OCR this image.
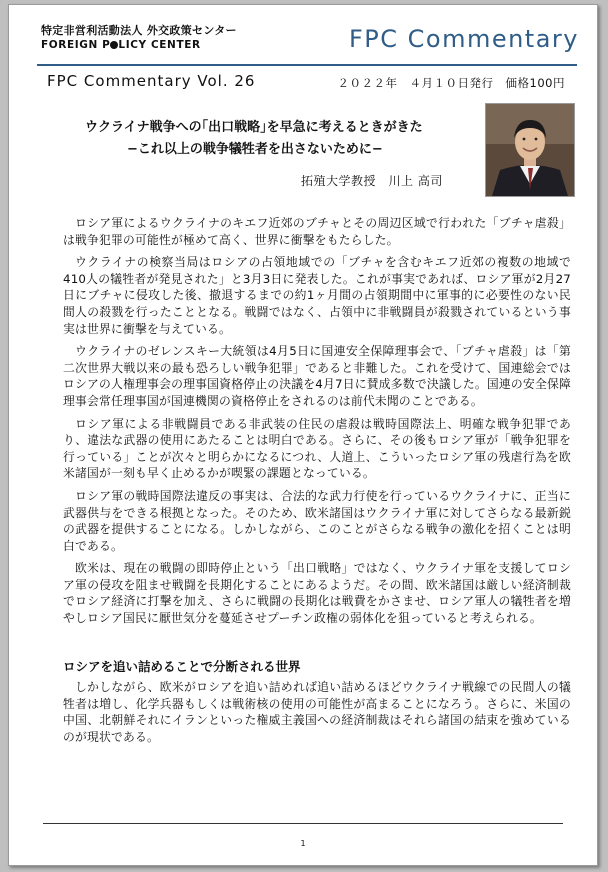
特定非営利活動法人 外交政策センター
FOREIGN P LICY CENTER	FPC Commentary
FPC Commentary Vol. 26	２０２２年　４月１０日発行　価格100円
ウクライナ戦争への｢出口戦略｣を早急に考えるときがきた
−これ以上の戦争犠牲者を出さないために−
拓殖大学教授　川上 高司

ロシア軍によるウクライナのキエフ近郊のブチャとその周辺区域で行われた「ブチャ虐殺」は戦争犯罪の可能性が極めて高く、世界に衝撃をもたらした。

ウクライナの検察当局はロシアの占領地域での「ブチャを含むキエフ近郊の複数の地域で410人の犠牲者が発見された」と3月3日に発表した。これが事実であれば、ロシア軍が2月27日にブチャに侵攻した後、撤退するまでの約1ヶ月間の占領期間中に軍事的に必要性のない民間人の殺戮を行ったこととなる。戦闘ではなく、占領中に非戦闘員が殺戮されているという事実は世界に衝撃を与えている。

ウクライナのゼレンスキー大統領は4月5日に国連安全保障理事会で、「ブチャ虐殺」は「第二次世界大戦以来の最も恐ろしい戦争犯罪」であると非難した。これを受けて、国連総会ではロシアの人権理事会の理事国資格停止の決議を4月7日に賛成多数で決議した。国連の安全保障理事会常任理事国が国連機関の資格停止をされるのは前代未聞のことである。

ロシア軍による非戦闘員である非武装の住民の虐殺は戦時国際法上、明確な戦争犯罪であり、違法な武器の使用にあたることは明白である。さらに、その後もロシア軍が「戦争犯罪を行っている」ことが次々と明らかになるにつれ、人道上、こういったロシア軍の残虐行為を欧米諸国が一刻も早く止めるかが喫緊の課題となっている。

ロシア軍の戦時国際法違反の事実は、合法的な武力行使を行っているウクライナに、正当に武器供与をできる根拠となった。そのため、欧米諸国はウクライナ軍に対してさらなる最新鋭の武器を提供することになる。しかしながら、このことがさらなる戦争の激化を招くことは明白である。

欧米は、現在の戦闘の即時停止という「出口戦略」ではなく、ウクライナ軍を支援してロシア軍の侵攻を阻ませ戦闘を長期化することにあるようだ。その間、欧米諸国は厳しい経済制裁でロシア経済に打撃を加え、さらに戦闘の長期化は戦費をかさませ、ロシア軍人の犠牲者を増やしロシア国民に厭世気分を蔓延させプーチン政権の弱体化を狙っていると考えられる。

ロシアを追い詰めることで分断される世界

しかしながら、欧米がロシアを追い詰めれば追い詰めるほどウクライナ戦線での民間人の犠牲者は増し、化学兵器もしくは戦術核の使用の可能性が高まることになろう。さらに、米国の中国、北朝鮮それにイランといった権威主義国への経済制裁はそれら諸国の結束を強めているのが現状である。

1
